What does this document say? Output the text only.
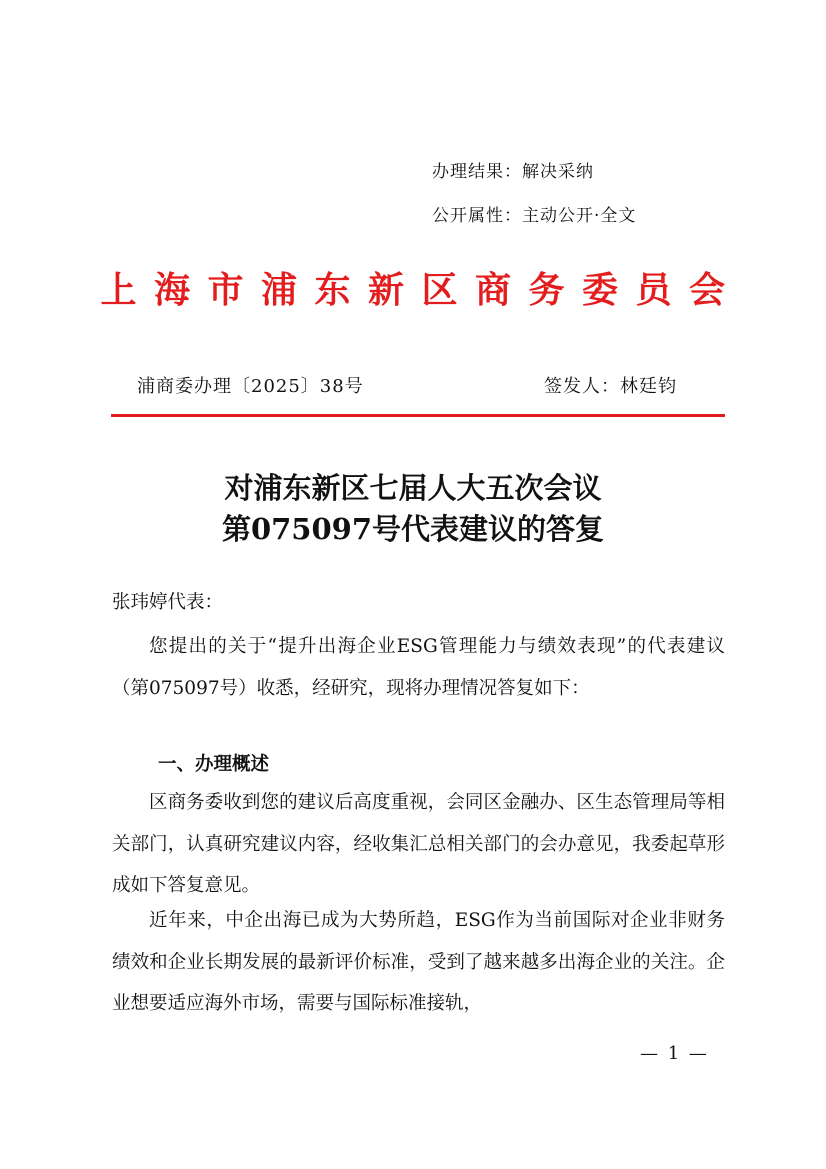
办理结果：解决采纳
公开属性：主动公开·全文
上海市浦东新区商务委员会
浦商委办理〔2025〕38号	签发人：林廷钧
对浦东新区七届人大五次会议
第075097号代表建议的答复
张玮婷代表：

您提出的关于“提升出海企业ESG管理能力与绩效表现”的代表建议（第075097号）收悉，经研究，现将办理情况答复如下：

一、办理概述

区商务委收到您的建议后高度重视，会同区金融办、区生态管理局等相关部门，认真研究建议内容，经收集汇总相关部门的会办意见，我委起草形成如下答复意见。

近年来，中企出海已成为大势所趋，ESG作为当前国际对企业非财务绩效和企业长期发展的最新评价标准，受到了越来越多出海企业的关注。企业想要适应海外市场，需要与国际标准接轨，

— 1 —
